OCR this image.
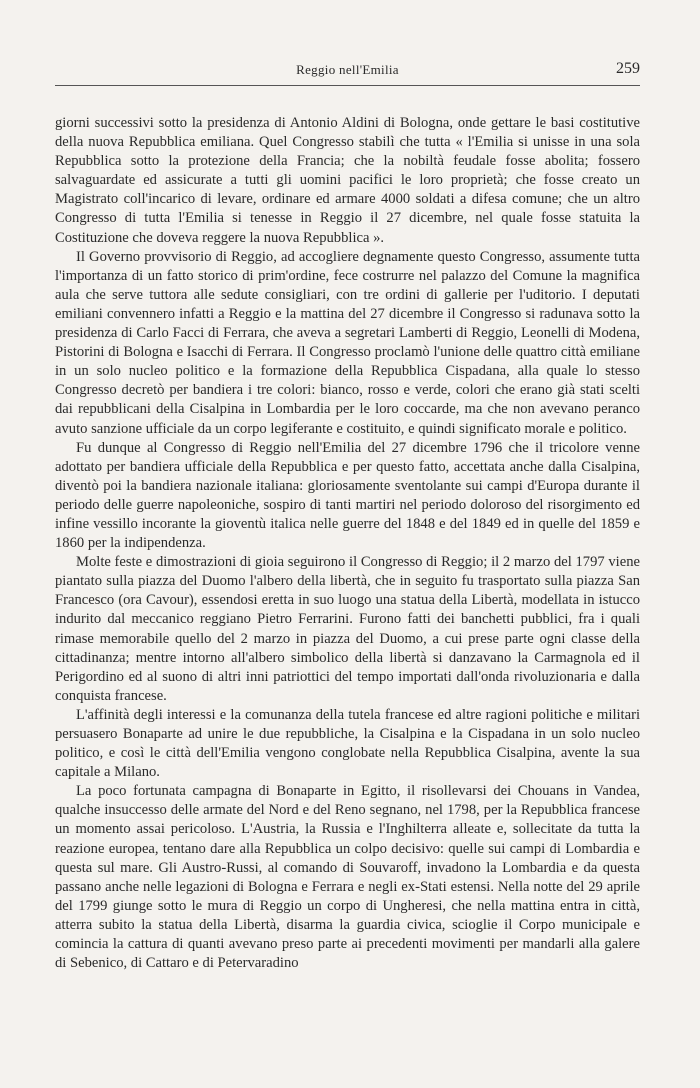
Reggio nell'Emilia	259

giorni successivi sotto la presidenza di Antonio Aldini di Bologna, onde gettare le basi costitutive della nuova Repubblica emiliana. Quel Congresso stabilì che tutta « l'Emilia si unisse in una sola Repubblica sotto la protezione della Francia; che la nobiltà feudale fosse abolita; fossero salvaguardate ed assicurate a tutti gli uomini pacifici le loro proprietà; che fosse creato un Magistrato coll'incarico di levare, ordinare ed armare 4000 soldati a difesa comune; che un altro Congresso di tutta l'Emilia si tenesse in Reggio il 27 dicembre, nel quale fosse statuita la Costituzione che doveva reggere la nuova Repubblica ».

Il Governo provvisorio di Reggio, ad accogliere degnamente questo Congresso, assumente tutta l'importanza di un fatto storico di prim'ordine, fece costrurre nel palazzo del Comune la magnifica aula che serve tuttora alle sedute consigliari, con tre ordini di gallerie per l'uditorio. I deputati emiliani convennero infatti a Reggio e la mattina del 27 dicembre il Congresso si radunava sotto la presidenza di Carlo Facci di Ferrara, che aveva a segretari Lamberti di Reggio, Leonelli di Modena, Pistorini di Bologna e Isacchi di Ferrara. Il Congresso proclamò l'unione delle quattro città emiliane in un solo nucleo politico e la formazione della Repubblica Cispadana, alla quale lo stesso Congresso decretò per bandiera i tre colori: bianco, rosso e verde, colori che erano già stati scelti dai repubblicani della Cisalpina in Lombardia per le loro coccarde, ma che non avevano peranco avuto sanzione ufficiale da un corpo legiferante e costituito, e quindi significato morale e politico.

Fu dunque al Congresso di Reggio nell'Emilia del 27 dicembre 1796 che il tricolore venne adottato per bandiera ufficiale della Repubblica e per questo fatto, accettata anche dalla Cisalpina, diventò poi la bandiera nazionale italiana: gloriosamente sventolante sui campi d'Europa durante il periodo delle guerre napoleoniche, sospiro di tanti martiri nel periodo doloroso del risorgimento ed infine vessillo incorante la gioventù italica nelle guerre del 1848 e del 1849 ed in quelle del 1859 e 1860 per la indipendenza.

Molte feste e dimostrazioni di gioia seguirono il Congresso di Reggio; il 2 marzo del 1797 viene piantato sulla piazza del Duomo l'albero della libertà, che in seguito fu trasportato sulla piazza San Francesco (ora Cavour), essendosi eretta in suo luogo una statua della Libertà, modellata in istucco indurito dal meccanico reggiano Pietro Ferrarini. Furono fatti dei banchetti pubblici, fra i quali rimase memorabile quello del 2 marzo in piazza del Duomo, a cui prese parte ogni classe della cittadinanza; mentre intorno all'albero simbolico della libertà si danzavano la Carmagnola ed il Perigordino ed al suono di altri inni patriottici del tempo importati dall'onda rivoluzionaria e dalla conquista francese.

L'affinità degli interessi e la comunanza della tutela francese ed altre ragioni politiche e militari persuasero Bonaparte ad unire le due repubbliche, la Cisalpina e la Cispadana in un solo nucleo politico, e così le città dell'Emilia vengono conglobate nella Repubblica Cisalpina, avente la sua capitale a Milano.

La poco fortunata campagna di Bonaparte in Egitto, il risollevarsi dei Chouans in Vandea, qualche insuccesso delle armate del Nord e del Reno segnano, nel 1798, per la Repubblica francese un momento assai pericoloso. L'Austria, la Russia e l'Inghilterra alleate e, sollecitate da tutta la reazione europea, tentano dare alla Repubblica un colpo decisivo: quelle sui campi di Lombardia e questa sul mare. Gli Austro-Russi, al comando di Souvaroff, invadono la Lombardia e da questa passano anche nelle legazioni di Bologna e Ferrara e negli ex-Stati estensi. Nella notte del 29 aprile del 1799 giunge sotto le mura di Reggio un corpo di Ungheresi, che nella mattina entra in città, atterra subito la statua della Libertà, disarma la guardia civica, scioglie il Corpo municipale e comincia la cattura di quanti avevano preso parte ai precedenti movimenti per mandarli alla galere di Sebenico, di Cattaro e di Petervaradino
